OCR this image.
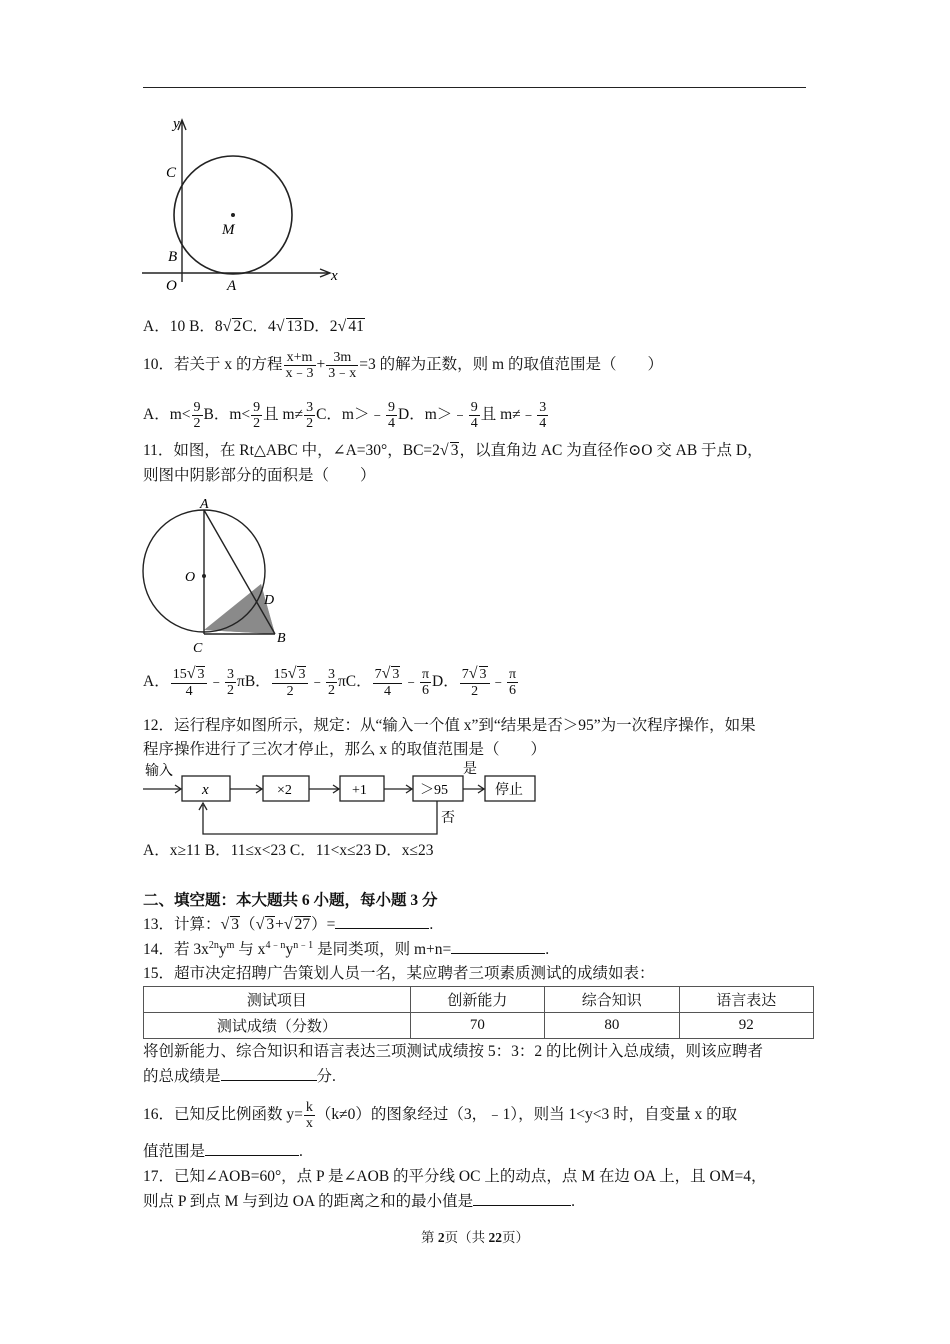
y
x
C
B
O	A
M
A．10 B．8√ 2C．4√ 13D．2√ 41
10．若关于 x 的方程 $\frac{x+m}{x﹣3} + \frac{3m}{3﹣x} =3$ 的解为正数，则 m 的取值范围是（　　）
A．$m< \frac{9}{2}$ B．$m< \frac{9}{2}$ 且 $m\ne \frac{3}{2}$ C．m＞﹣ $\frac{9}{4}$ D．m＞﹣ $\frac{9}{4}$ 且 m≠﹣ $\frac{3}{4}$
11．如图，在 Rt△ABC 中，∠A=30°，BC=2√ 3，以直角边 AC 为直径作⊙O 交 AB 于点 D，
则图中阴影部分的面积是（　　）
A
O
D
C
B
A． $\frac{15√ 3}{4}$ ﹣ $\frac{3}{2}$ πB． $\frac{15√ 3}{2}$ ﹣ $\frac{3}{2}$ πC． $\frac{7√ 3}{4}$ ﹣ $\frac{\pi}{6}$ D． $\frac{7√ 3}{2}$ ﹣ $\frac{\pi}{6}$
12．运行程序如图所示，规定：从“输入一个值 x”到“结果是否＞95”为一次程序操作，如果
程序操作进行了三次才停止，那么 x 的取值范围是（　　）
输入
x	×2	+1	＞95
是
否
停止
A．x≥11 B．11≤x<23 C．11<x≤23 D．x≤23
二、填空题：本大题共 6 小题，每小题 3 分
13．计算：√ 3（√ 3+√ 27）=	.
14．若 $3x^{2n}y^m$ 与 $x^{4﹣n}y^{n﹣1}$ 是同类项，则 m+n=	.
15．超市决定招聘广告策划人员一名，某应聘者三项素质测试的成绩如表：
测试项目	创新能力	综合知识	语言表达
测试成绩（分数）	70	80	92
将创新能力、综合知识和语言表达三项测试成绩按 5：3：2 的比例计入总成绩，则该应聘者
的总成绩是	分.
16．已知反比例函数 $y= \frac{k}{x} (k\ne 0)$的图象经过（3，﹣1），则当 1<y<3 时，自变量 x 的取
值范围是	.
17．已知∠AOB=60°，点 P 是∠AOB 的平分线 OC 上的动点，点 M 在边 OA 上，且 OM=4，
则点 P 到点 M 与到边 OA 的距离之和的最小值是	.
第 2页（共 22页）
